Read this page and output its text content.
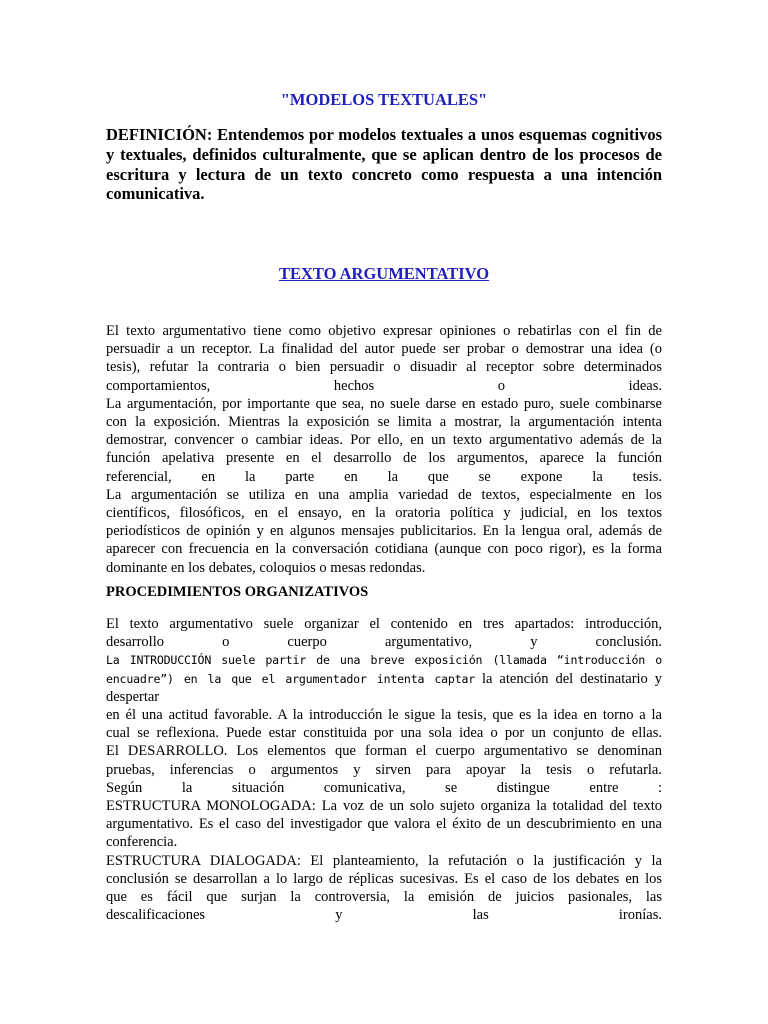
"MODELOS TEXTUALES"
DEFINICIÓN: Entendemos por modelos textuales a unos esquemas cognitivos y textuales, definidos culturalmente, que se aplican dentro de los procesos de escritura y lectura de un texto concreto como respuesta a una intención comunicativa.
TEXTO ARGUMENTATIVO

El texto argumentativo tiene como objetivo expresar opiniones o rebatirlas con el fin de

persuadir a un receptor. La finalidad del autor puede ser probar o demostrar una idea (o

tesis), refutar la contraria o bien persuadir o disuadir al receptor sobre determinados

comportamientos, hechos o ideas.

La argumentación, por importante que sea, no suele darse en estado puro, suele combinarse

con la exposición. Mientras la exposición se limita a mostrar, la argumentación intenta

demostrar, convencer o cambiar ideas. Por ello, en un texto argumentativo además de la

función apelativa presente en el desarrollo de los argumentos, aparece la función

referencial, en la parte en la que se expone la tesis.

La argumentación se utiliza en una amplia variedad de textos, especialmente en los

científicos, filosóficos, en el ensayo, en la oratoria política y judicial, en los textos

periodísticos de opinión y en algunos mensajes publicitarios. En la lengua oral, además de

aparecer con frecuencia en la conversación cotidiana (aunque con poco rigor), es la forma

dominante en los debates, coloquios o mesas redondas.

PROCEDIMIENTOS ORGANIZATIVOS

El texto argumentativo suele organizar el contenido en tres apartados: introducción,

desarrollo o cuerpo argumentativo, y conclusión.

La INTRODUCCIÓN suele partir de una breve exposición (llamada “introducción o

encuadre”) en la que el argumentador intenta captar la atención del destinatario y despertar

en él una actitud favorable. A la introducción le sigue la tesis, que es la idea en torno a la

cual se reflexiona. Puede estar constituida por una sola idea o por un conjunto de ellas.

El DESARROLLO. Los elementos que forman el cuerpo argumentativo se denominan

pruebas, inferencias o argumentos y sirven para apoyar la tesis o refutarla.

Según la situación comunicativa, se distingue entre :

ESTRUCTURA MONOLOGADA: La voz de un solo sujeto organiza la totalidad del texto

argumentativo. Es el caso del investigador que valora el éxito de un descubrimiento en una

conferencia.

ESTRUCTURA DIALOGADA: El planteamiento, la refutación o la justificación y la

conclusión se desarrollan a lo largo de réplicas sucesivas. Es el caso de los debates en los

que es fácil que surjan la controversia, la emisión de juicios pasionales, las

descalificaciones y las ironías.
